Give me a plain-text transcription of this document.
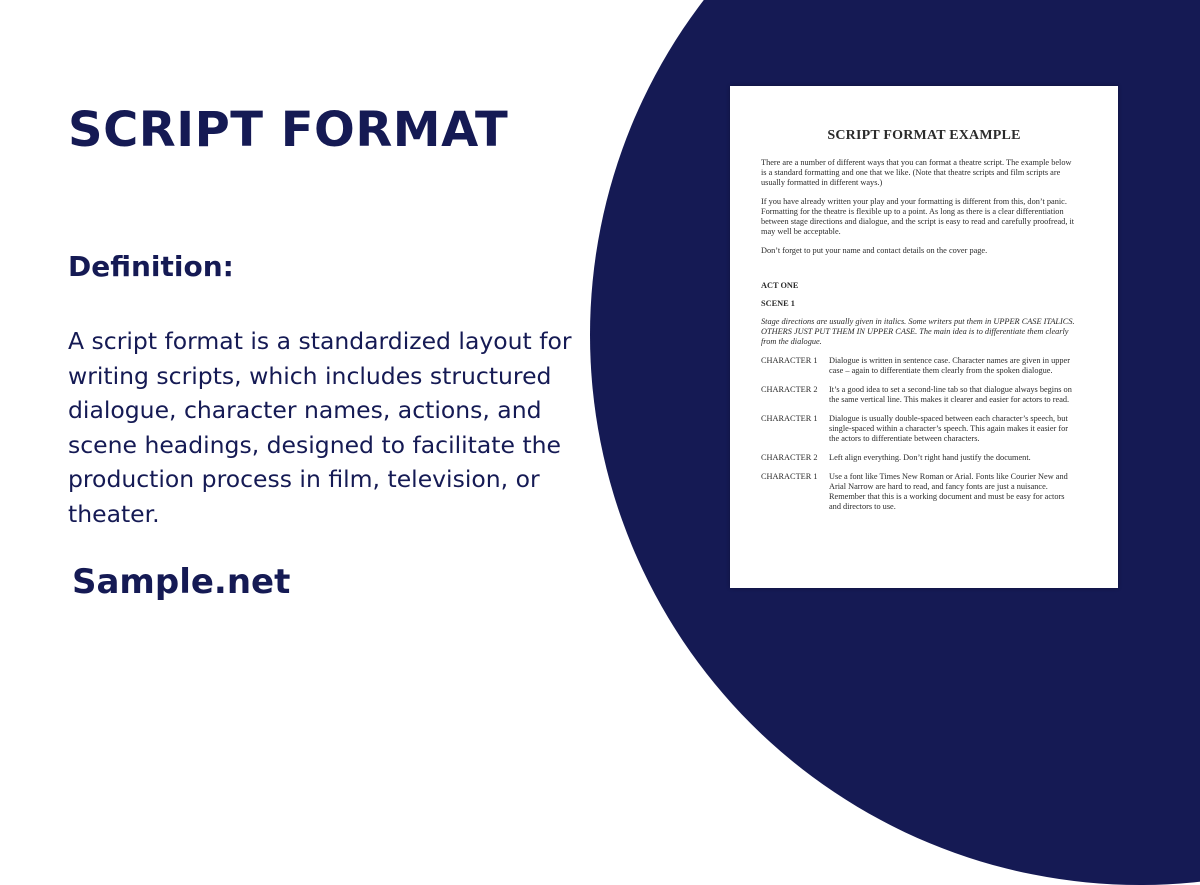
SCRIPT FORMAT
Definition:
A script format is a standardized layout for writing scripts, which includes structured dialogue, character names, actions, and scene headings, designed to facilitate the production process in film, television, or theater.
Sample.net
SCRIPT FORMAT EXAMPLE

There are a number of different ways that you can format a theatre script. The example below is a standard formatting and one that we like. (Note that theatre scripts and film scripts are usually formatted in different ways.)

If you have already written your play and your formatting is different from this, don’t panic. Formatting for the theatre is flexible up to a point. As long as there is a clear differentiation between stage directions and dialogue, and the script is easy to read and carefully proofread, it may well be acceptable.

Don’t forget to put your name and contact details on the cover page.

ACT ONE
SCENE 1

Stage directions are usually given in italics. Some writers put them in UPPER CASE ITALICS. OTHERS JUST PUT THEM IN UPPER CASE. The main idea is to differentiate them clearly from the dialogue.

CHARACTER 1	Dialogue is written in sentence case. Character names are given in upper case – again to differentiate them clearly from the spoken dialogue.
CHARACTER 2	It’s a good idea to set a second-line tab so that dialogue always begins on the same vertical line. This makes it clearer and easier for actors to read.
CHARACTER 1	Dialogue is usually double-spaced between each character’s speech, but single-spaced within a character’s speech. This again makes it easier for the actors to differentiate between characters.
CHARACTER 2	Left align everything. Don’t right hand justify the document.
CHARACTER 1	Use a font like Times New Roman or Arial. Fonts like Courier New and Arial Narrow are hard to read, and fancy fonts are just a nuisance. Remember that this is a working document and must be easy for actors and directors to use.
